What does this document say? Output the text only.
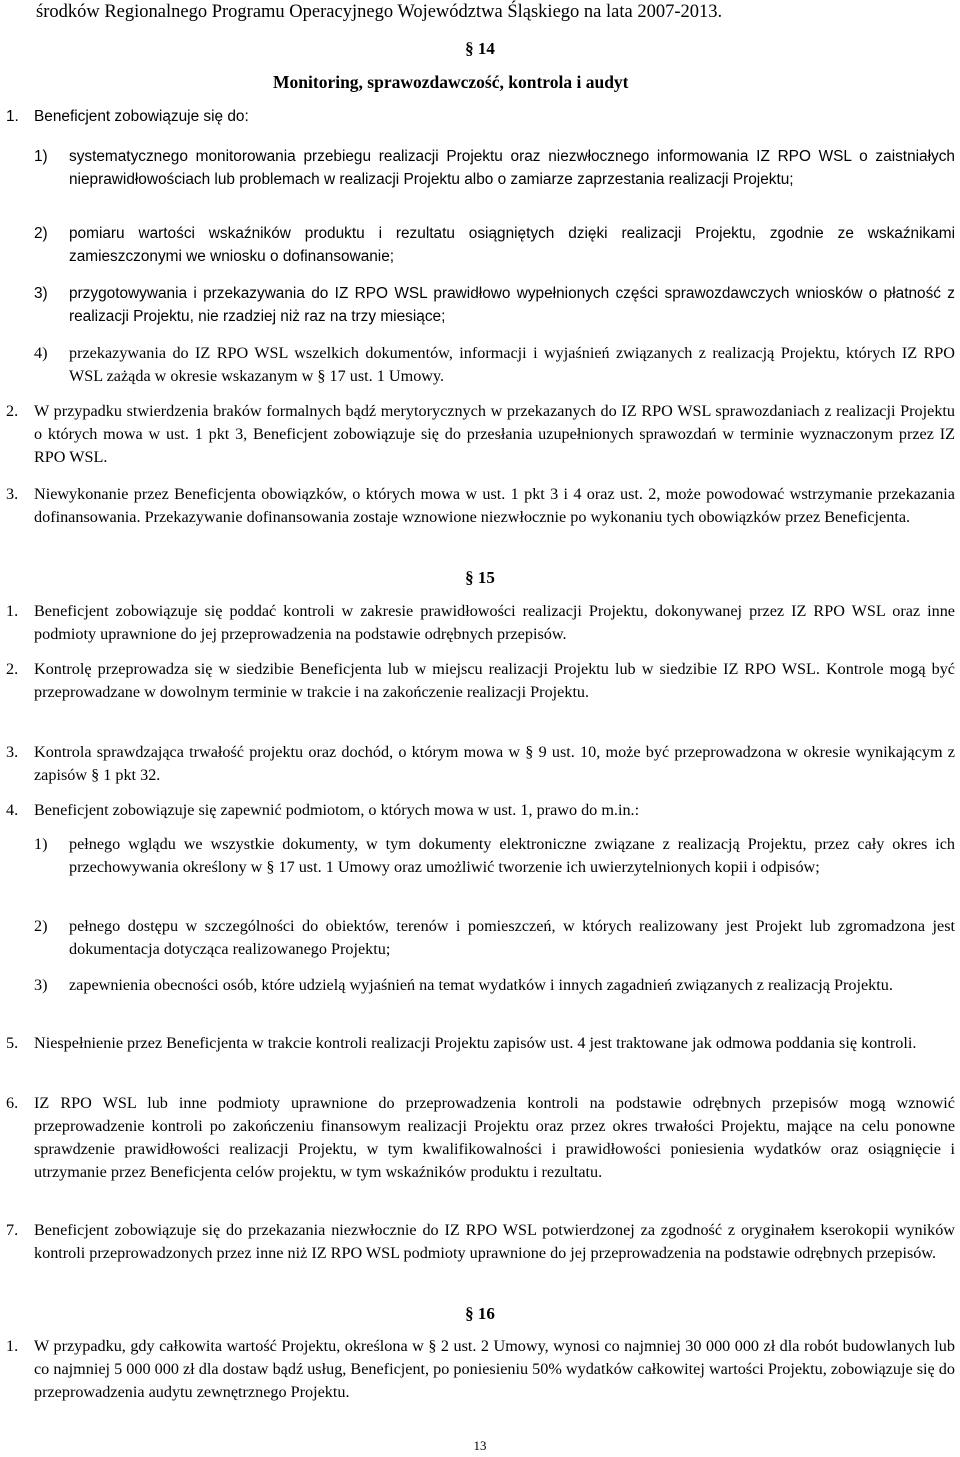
środków Regionalnego Programu Operacyjnego Województwa Śląskiego na lata 2007-2013.
§ 14
Monitoring, sprawozdawczość, kontrola i audyt
1. Beneficjent zobowiązuje się do:
1) systematycznego monitorowania przebiegu realizacji Projektu oraz niezwłocznego informowania IZ RPO WSL o zaistniałych nieprawidłowościach lub problemach w realizacji Projektu albo o zamiarze zaprzestania realizacji Projektu;
2) pomiaru wartości wskaźników produktu i rezultatu osiągniętych dzięki realizacji Projektu, zgodnie ze wskaźnikami zamieszczonymi we wniosku o dofinansowanie;
3) przygotowywania i przekazywania do IZ RPO WSL prawidłowo wypełnionych części sprawozdawczych wniosków o płatność z realizacji Projektu, nie rzadziej niż raz na trzy miesiące;
4) przekazywania do IZ RPO WSL wszelkich dokumentów, informacji i wyjaśnień związanych z realizacją Projektu, których IZ RPO WSL zażąda w okresie wskazanym w § 17 ust. 1 Umowy.
2. W przypadku stwierdzenia braków formalnych bądź merytorycznych w przekazanych do IZ RPO WSL sprawozdaniach z realizacji Projektu o których mowa w ust. 1 pkt 3, Beneficjent zobowiązuje się do przesłania uzupełnionych sprawozdań w terminie wyznaczonym przez IZ RPO WSL.
3. Niewykonanie przez Beneficjenta obowiązków, o których mowa w ust. 1 pkt 3 i 4 oraz ust. 2, może powodować wstrzymanie przekazania dofinansowania. Przekazywanie dofinansowania zostaje wznowione niezwłocznie po wykonaniu tych obowiązków przez Beneficjenta.
§ 15
1. Beneficjent zobowiązuje się poddać kontroli w zakresie prawidłowości realizacji Projektu, dokonywanej przez IZ RPO WSL oraz inne podmioty uprawnione do jej przeprowadzenia na podstawie odrębnych przepisów.
2. Kontrolę przeprowadza się w siedzibie Beneficjenta lub w miejscu realizacji Projektu lub w siedzibie IZ RPO WSL. Kontrole mogą być przeprowadzane w dowolnym terminie w trakcie i na zakończenie realizacji Projektu.
3. Kontrola sprawdzająca trwałość projektu oraz dochód, o którym mowa w § 9 ust. 10, może być przeprowadzona w okresie wynikającym z zapisów § 1 pkt 32.
4. Beneficjent zobowiązuje się zapewnić podmiotom, o których mowa w ust. 1, prawo do m.in.:
1) pełnego wglądu we wszystkie dokumenty, w tym dokumenty elektroniczne związane z realizacją Projektu, przez cały okres ich przechowywania określony w § 17 ust. 1 Umowy oraz umożliwić tworzenie ich uwierzytelnionych kopii i odpisów;
2) pełnego dostępu w szczególności do obiektów, terenów i pomieszczeń, w których realizowany jest Projekt lub zgromadzona jest dokumentacja dotycząca realizowanego Projektu;
3) zapewnienia obecności osób, które udzielą wyjaśnień na temat wydatków i innych zagadnień związanych z realizacją Projektu.
5. Niespełnienie przez Beneficjenta w trakcie kontroli realizacji Projektu zapisów ust. 4 jest traktowane jak odmowa poddania się kontroli.
6. IZ RPO WSL lub inne podmioty uprawnione do przeprowadzenia kontroli na podstawie odrębnych przepisów mogą wznowić przeprowadzenie kontroli po zakończeniu finansowym realizacji Projektu oraz przez okres trwałości Projektu, mające na celu ponowne sprawdzenie prawidłowości realizacji Projektu, w tym kwalifikowalności i prawidłowości poniesienia wydatków oraz osiągnięcie i utrzymanie przez Beneficjenta celów projektu, w tym wskaźników produktu i rezultatu.
7. Beneficjent zobowiązuje się do przekazania niezwłocznie do IZ RPO WSL potwierdzonej za zgodność z oryginałem kserokopii wyników kontroli przeprowadzonych przez inne niż IZ RPO WSL podmioty uprawnione do jej przeprowadzenia na podstawie odrębnych przepisów.
§ 16
1. W przypadku, gdy całkowita wartość Projektu, określona w § 2 ust. 2 Umowy, wynosi co najmniej 30 000 000 zł dla robót budowlanych lub co najmniej 5 000 000 zł dla dostaw bądź usług, Beneficjent, po poniesieniu 50% wydatków całkowitej wartości Projektu, zobowiązuje się do przeprowadzenia audytu zewnętrznego Projektu.
13
